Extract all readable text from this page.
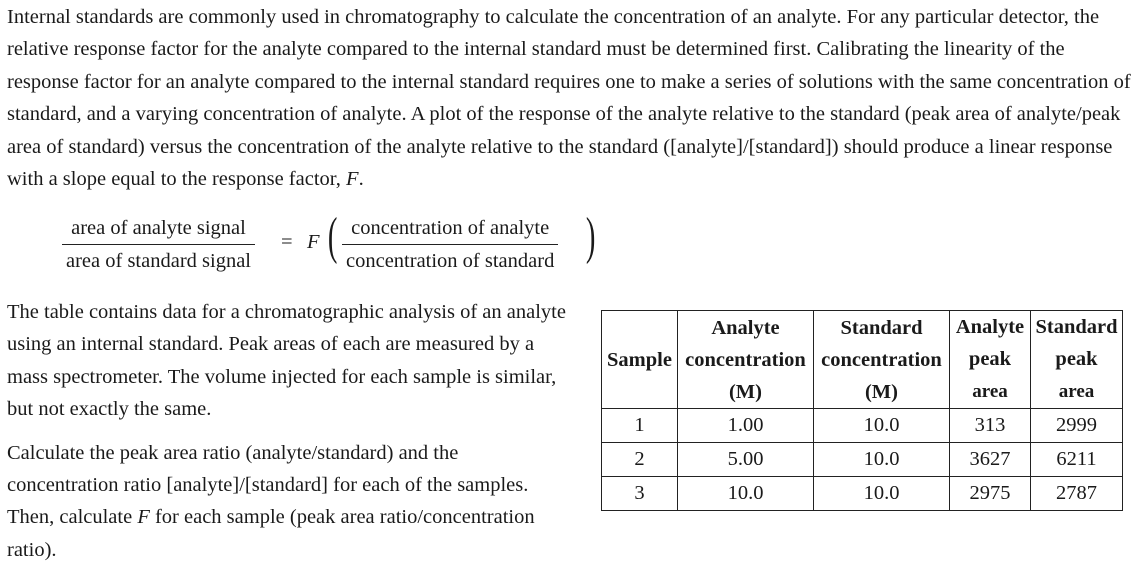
Internal standards are commonly used in chromatography to calculate the concentration of an analyte. For any particular detector, the relative response factor for the analyte compared to the internal standard must be determined first. Calibrating the linearity of the response factor for an analyte compared to the internal standard requires one to make a series of solutions with the same concentration of standard, and a varying concentration of analyte. A plot of the response of the analyte relative to the standard (peak area of analyte/peak area of standard) versus the concentration of the analyte relative to the standard ([analyte]/[standard]) should produce a linear response with a slope equal to the response factor, F.

area of analyte signal
area of standard signal
= F ( concentration of analyte
concentration of standard )

The table contains data for a chromatographic analysis of an analyte using an internal standard. Peak areas of each are measured by a mass spectrometer. The volume injected for each sample is similar, but not exactly the same.

Calculate the peak area ratio (analyte/standard) and the concentration ratio [analyte]/[standard] for each of the samples. Then, calculate F for each sample (peak area ratio/concentration ratio).

Sample	Analyte
concentration
(M)	Standard
concentration
(M)	Analyte
peak
area	Standard
peak
area
1	1.00	10.0	313	2999
2	5.00	10.0	3627	6211
3	10.0	10.0	2975	2787
